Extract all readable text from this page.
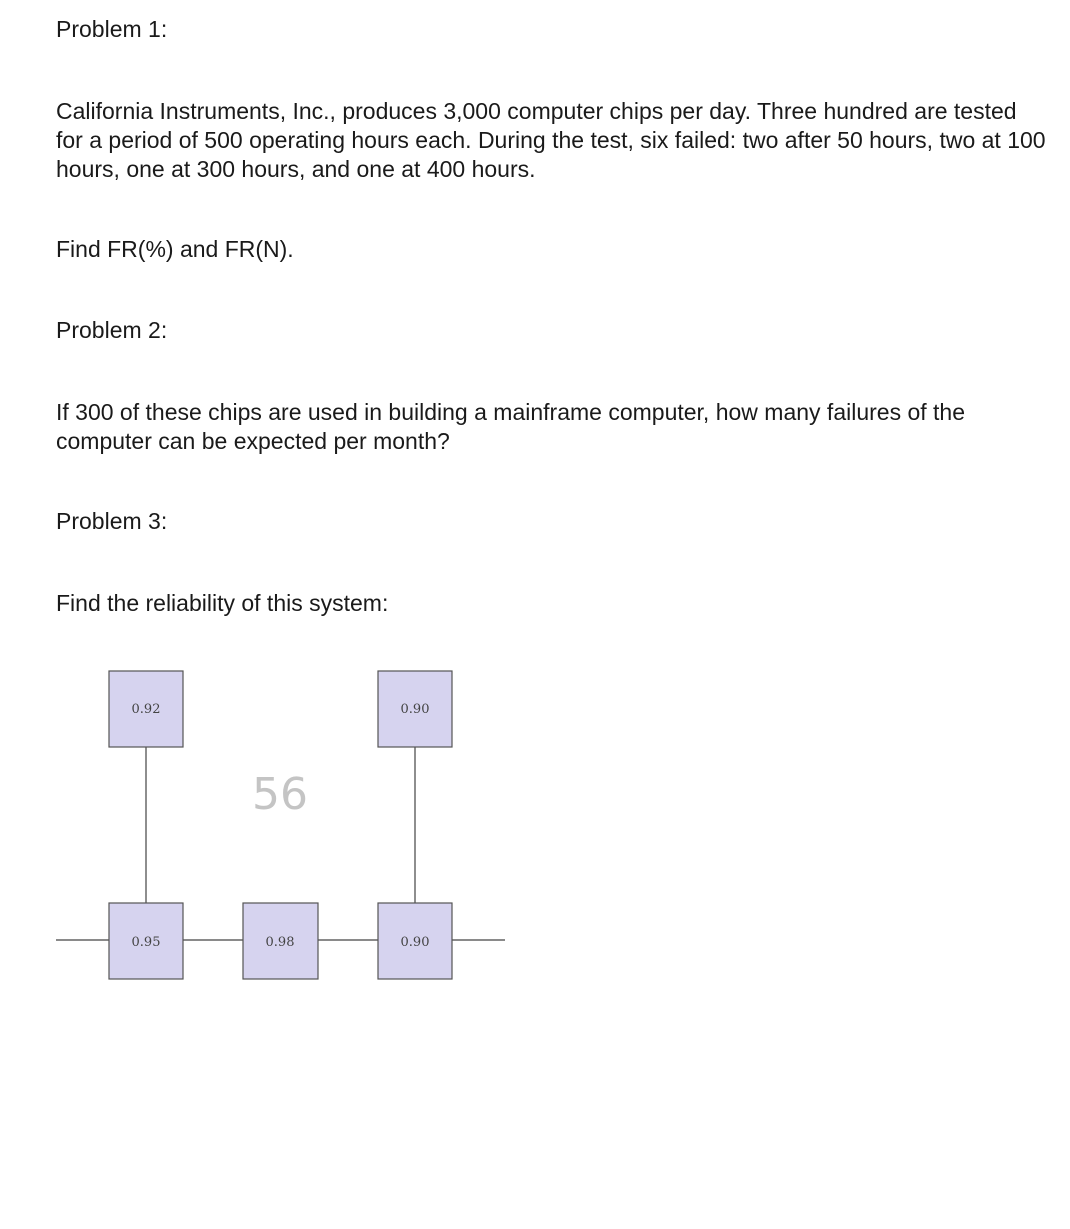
Problem 1:

California Instruments, Inc., produces 3,000 computer chips per day. Three hundred are tested for a period of 500 operating hours each. During the test, six failed: two after 50 hours, two at 100 hours, one at 300 hours, and one at 400 hours.

Find FR(%) and FR(N).

Problem 2:

If 300 of these chips are used in building a mainframe computer, how many failures of the computer can be expected per month?

Problem 3:

Find the reliability of this system:

0.92	0.90
0.95	0.98	0.90
56
